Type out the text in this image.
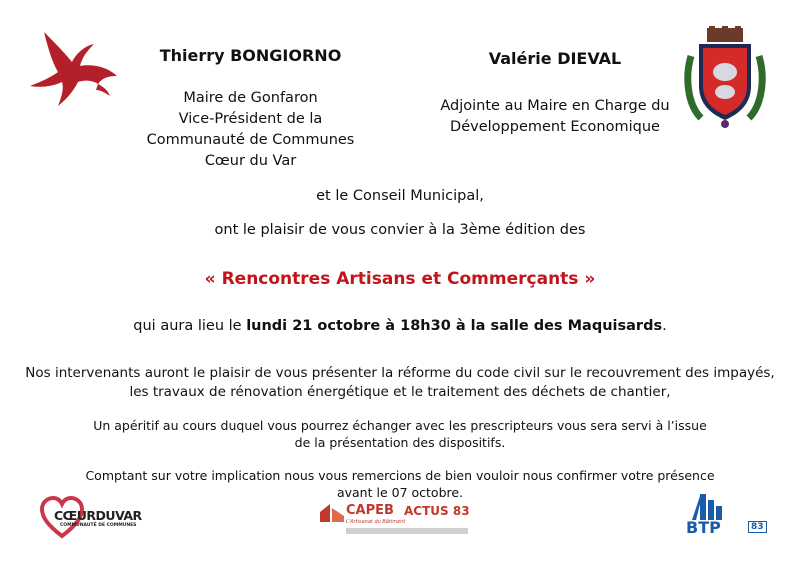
Thierry BONGIORNO
Maire de Gonfaron
Vice-Président de la
Communauté de Communes
Cœur du Var
Valérie DIEVAL
Adjointe au Maire en Charge du
Développement Economique
et le Conseil Municipal,
ont le plaisir de vous convier à la 3ème édition des
« Rencontres Artisans et Commerçants »
qui aura lieu le lundi 21 octobre à 18h30 à la salle des Maquisards.
Nos intervenants auront le plaisir de vous présenter la réforme du code civil sur le recouvrement des impayés,
les travaux de rénovation énergétique et le traitement des déchets de chantier,
Un apéritif au cours duquel vous pourrez échanger avec les prescripteurs vous sera servi à l’issue
de la présentation des dispositifs.
Comptant sur votre implication nous vous remercions de bien vouloir nous confirmer votre présence
avant le 07 octobre.
CŒURDUVAR
COMMUNAUTÉ DE COMMUNES
CAPEB ACTUS 83
L'Artisanat du Bâtiment	BTP	83
